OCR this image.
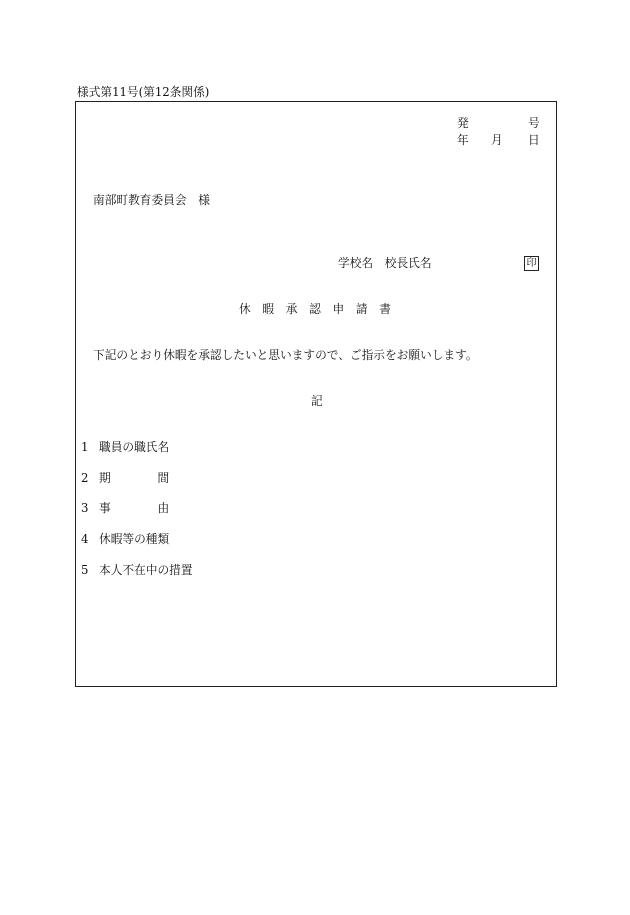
様式第11号(第12条関係)
発	号
年 月 日
南部町教育委員会　様
学校名　校長氏名	印
休　暇　承　認　申　請　書
下記のとおり休暇を承認したいと思いますので、ご指示をお願いします。
記
1 職員の職氏名
2 期　　　　間
3 事　　　　由
4 休暇等の種類
5 本人不在中の措置
